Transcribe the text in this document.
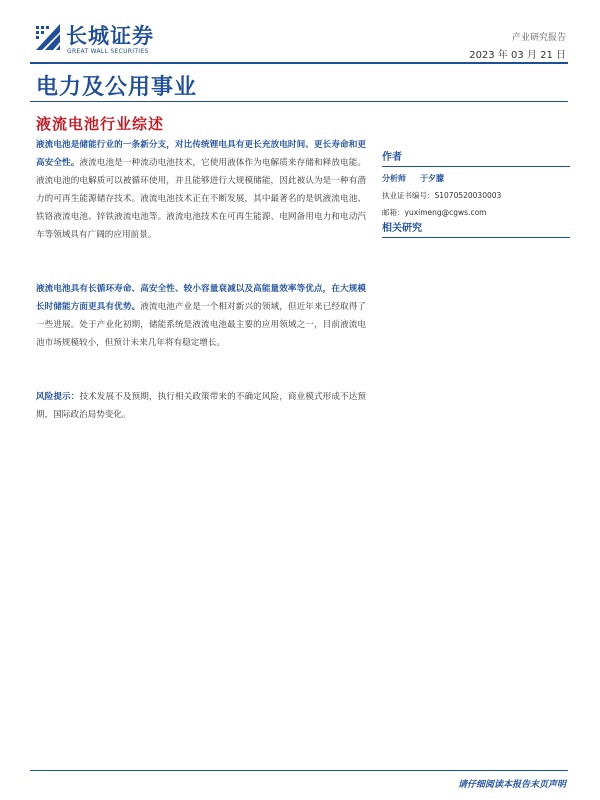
长城证券
GREAT WALL SECURITIES
产业研究报告
2023 年 03 月 21 日
电力及公用事业
液流电池行业综述
液流电池是储能行业的一条新分支，对比传统锂电具有更长充放电时间、更长寿命和更高安全性。液流电池是一种流动电池技术，它使用液体作为电解质来存储和释放电能。液流电池的电解质可以被循环使用，并且能够进行大规模储能，因此被认为是一种有潜力的可再生能源储存技术。液流电池技术正在不断发展，其中最著名的是钒液流电池、铁铬液流电池、锌铁液流电池等。液流电池技术在可再生能源、电网备用电力和电动汽车等领域具有广阔的应用前景。
液流电池具有长循环寿命、高安全性、较小容量衰减以及高能量效率等优点，在大规模长时储能方面更具有优势。液流电池产业是一个相对新兴的领域，但近年来已经取得了一些进展。处于产业化初期，储能系统是液流电池最主要的应用领域之一，目前液流电池市场规模较小，但预计未来几年将有稳定增长。
风险提示：技术发展不及预期，执行相关政策带来的不确定风险，商业模式形成不达预期，国际政治局势变化。
作者
分析师 于夕朦
执业证书编号：S1070520030003
邮箱：yuximeng@cgws.com
相关研究
请仔细阅读本报告末页声明
